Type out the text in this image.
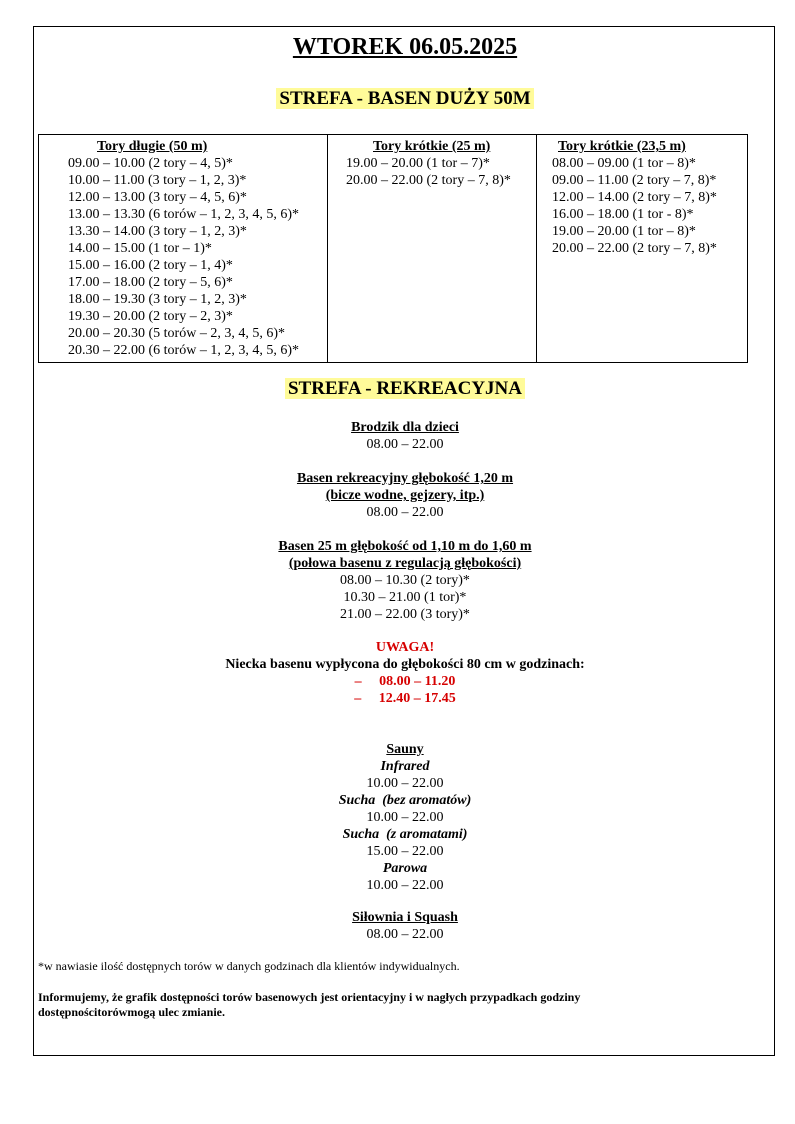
WTOREK 06.05.2025
STREFA - BASEN DUŻY 50M
Tory długie (50 m)
09.00 – 10.00 (2 tory – 4, 5)*
10.00 – 11.00 (3 tory – 1, 2, 3)*
12.00 – 13.00 (3 tory – 4, 5, 6)*
13.00 – 13.30 (6 torów – 1, 2, 3, 4, 5, 6)*
13.30 – 14.00 (3 tory – 1, 2, 3)*
14.00 – 15.00 (1 tor – 1)*
15.00 – 16.00 (2 tory – 1, 4)*
17.00 – 18.00 (2 tory – 5, 6)*
18.00 – 19.30 (3 tory – 1, 2, 3)*
19.30 – 20.00 (2 tory – 2, 3)*
20.00 – 20.30 (5 torów – 2, 3, 4, 5, 6)*
20.30 – 22.00 (6 torów – 1, 2, 3, 4, 5, 6)*
Tory krótkie (25 m)
19.00 – 20.00 (1 tor – 7)*
20.00 – 22.00 (2 tory – 7, 8)*
Tory krótkie (23,5 m)
08.00 – 09.00 (1 tor – 8)*
09.00 – 11.00 (2 tory – 7, 8)*
12.00 – 14.00 (2 tory – 7, 8)*
16.00 – 18.00 (1 tor - 8)*
19.00 – 20.00 (1 tor – 8)*
20.00 – 22.00 (2 tory – 7, 8)*
STREFA - REKREACYJNA
Brodzik dla dzieci
08.00 – 22.00
Basen rekreacyjny głębokość 1,20 m
(bicze wodne, gejzery, itp.)
08.00 – 22.00
Basen 25 m głębokość od 1,10 m do 1,60 m
(połowa basenu z regulacją głębokości)
08.00 – 10.30 (2 tory)*
10.30 – 21.00 (1 tor)*
21.00 – 22.00 (3 tory)*
UWAGA!
Niecka basenu wypłycona do głębokości 80 cm w godzinach:
–     08.00 – 11.20
–     12.40 – 17.45
Sauny
Infrared
10.00 – 22.00
Sucha  (bez aromatów)
10.00 – 22.00
Sucha  (z aromatami)
15.00 – 22.00
Parowa
10.00 – 22.00
Siłownia i Squash
08.00 – 22.00
*w nawiasie ilość dostępnych torów w danych godzinach dla klientów indywidualnych.
Informujemy, że grafik dostępności torów basenowych jest orientacyjny i w nagłych przypadkach godziny
dostępnościtorówmogą ulec zmianie.
